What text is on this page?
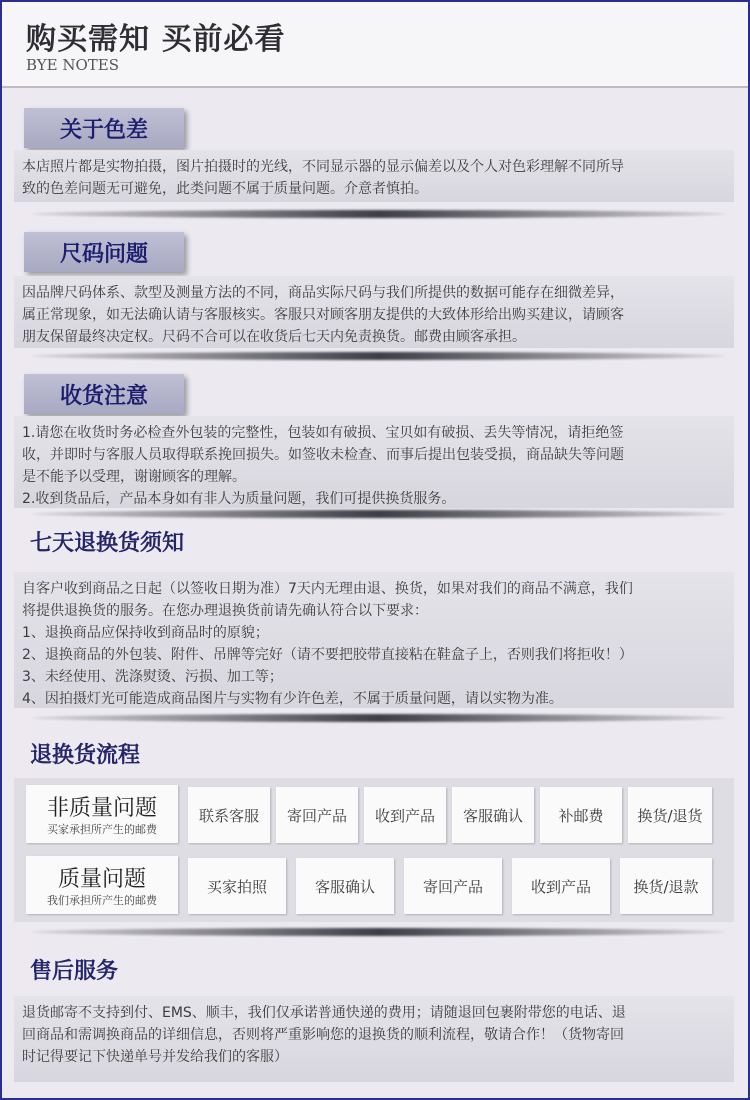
购买需知 买前必看
BYE NOTES
关于色差
本店照片都是实物拍摄，图片拍摄时的光线，不同显示器的显示偏差以及个人对色彩理解不同所导
致的色差问题无可避免，此类问题不属于质量问题。介意者慎拍。
尺码问题
因品牌尺码体系、款型及测量方法的不同，商品实际尺码与我们所提供的数据可能存在细微差异，
属正常现象，如无法确认请与客服核实。客服只对顾客朋友提供的大致体形给出购买建议，请顾客
朋友保留最终决定权。尺码不合可以在收货后七天内免责换货。邮费由顾客承担。
收货注意
1.请您在收货时务必检查外包装的完整性，包装如有破损、宝贝如有破损、丢失等情况，请拒绝签
收，并即时与客服人员取得联系挽回损失。如签收未检查、而事后提出包装受损，商品缺失等问题
是不能予以受理，谢谢顾客的理解。
2.收到货品后，产品本身如有非人为质量问题，我们可提供换货服务。
七天退换货须知
自客户收到商品之日起（以签收日期为准）7天内无理由退、换货，如果对我们的商品不满意，我们
将提供退换货的服务。在您办理退换货前请先确认符合以下要求：
1、退换商品应保持收到商品时的原貌；
2、退换商品的外包装、附件、吊牌等完好（请不要把胶带直接粘在鞋盒子上，否则我们将拒收！）
3、未经使用、洗涤熨烫、污损、加工等；
4、因拍摄灯光可能造成商品图片与实物有少许色差，不属于质量问题，请以实物为准。
退换货流程
非质量问题
买家承担所产生的邮费
联系客服	寄回产品	收到产品	客服确认	补邮费	换货/退货
质量问题
我们承担所产生的邮费
买家拍照	客服确认	寄回产品	收到产品	换货/退款
售后服务
退货邮寄不支持到付、EMS、顺丰，我们仅承诺普通快递的费用；请随退回包裹附带您的电话、退
回商品和需调换商品的详细信息，否则将严重影响您的退换货的顺利流程，敬请合作！（货物寄回
时记得要记下快递单号并发给我们的客服）
